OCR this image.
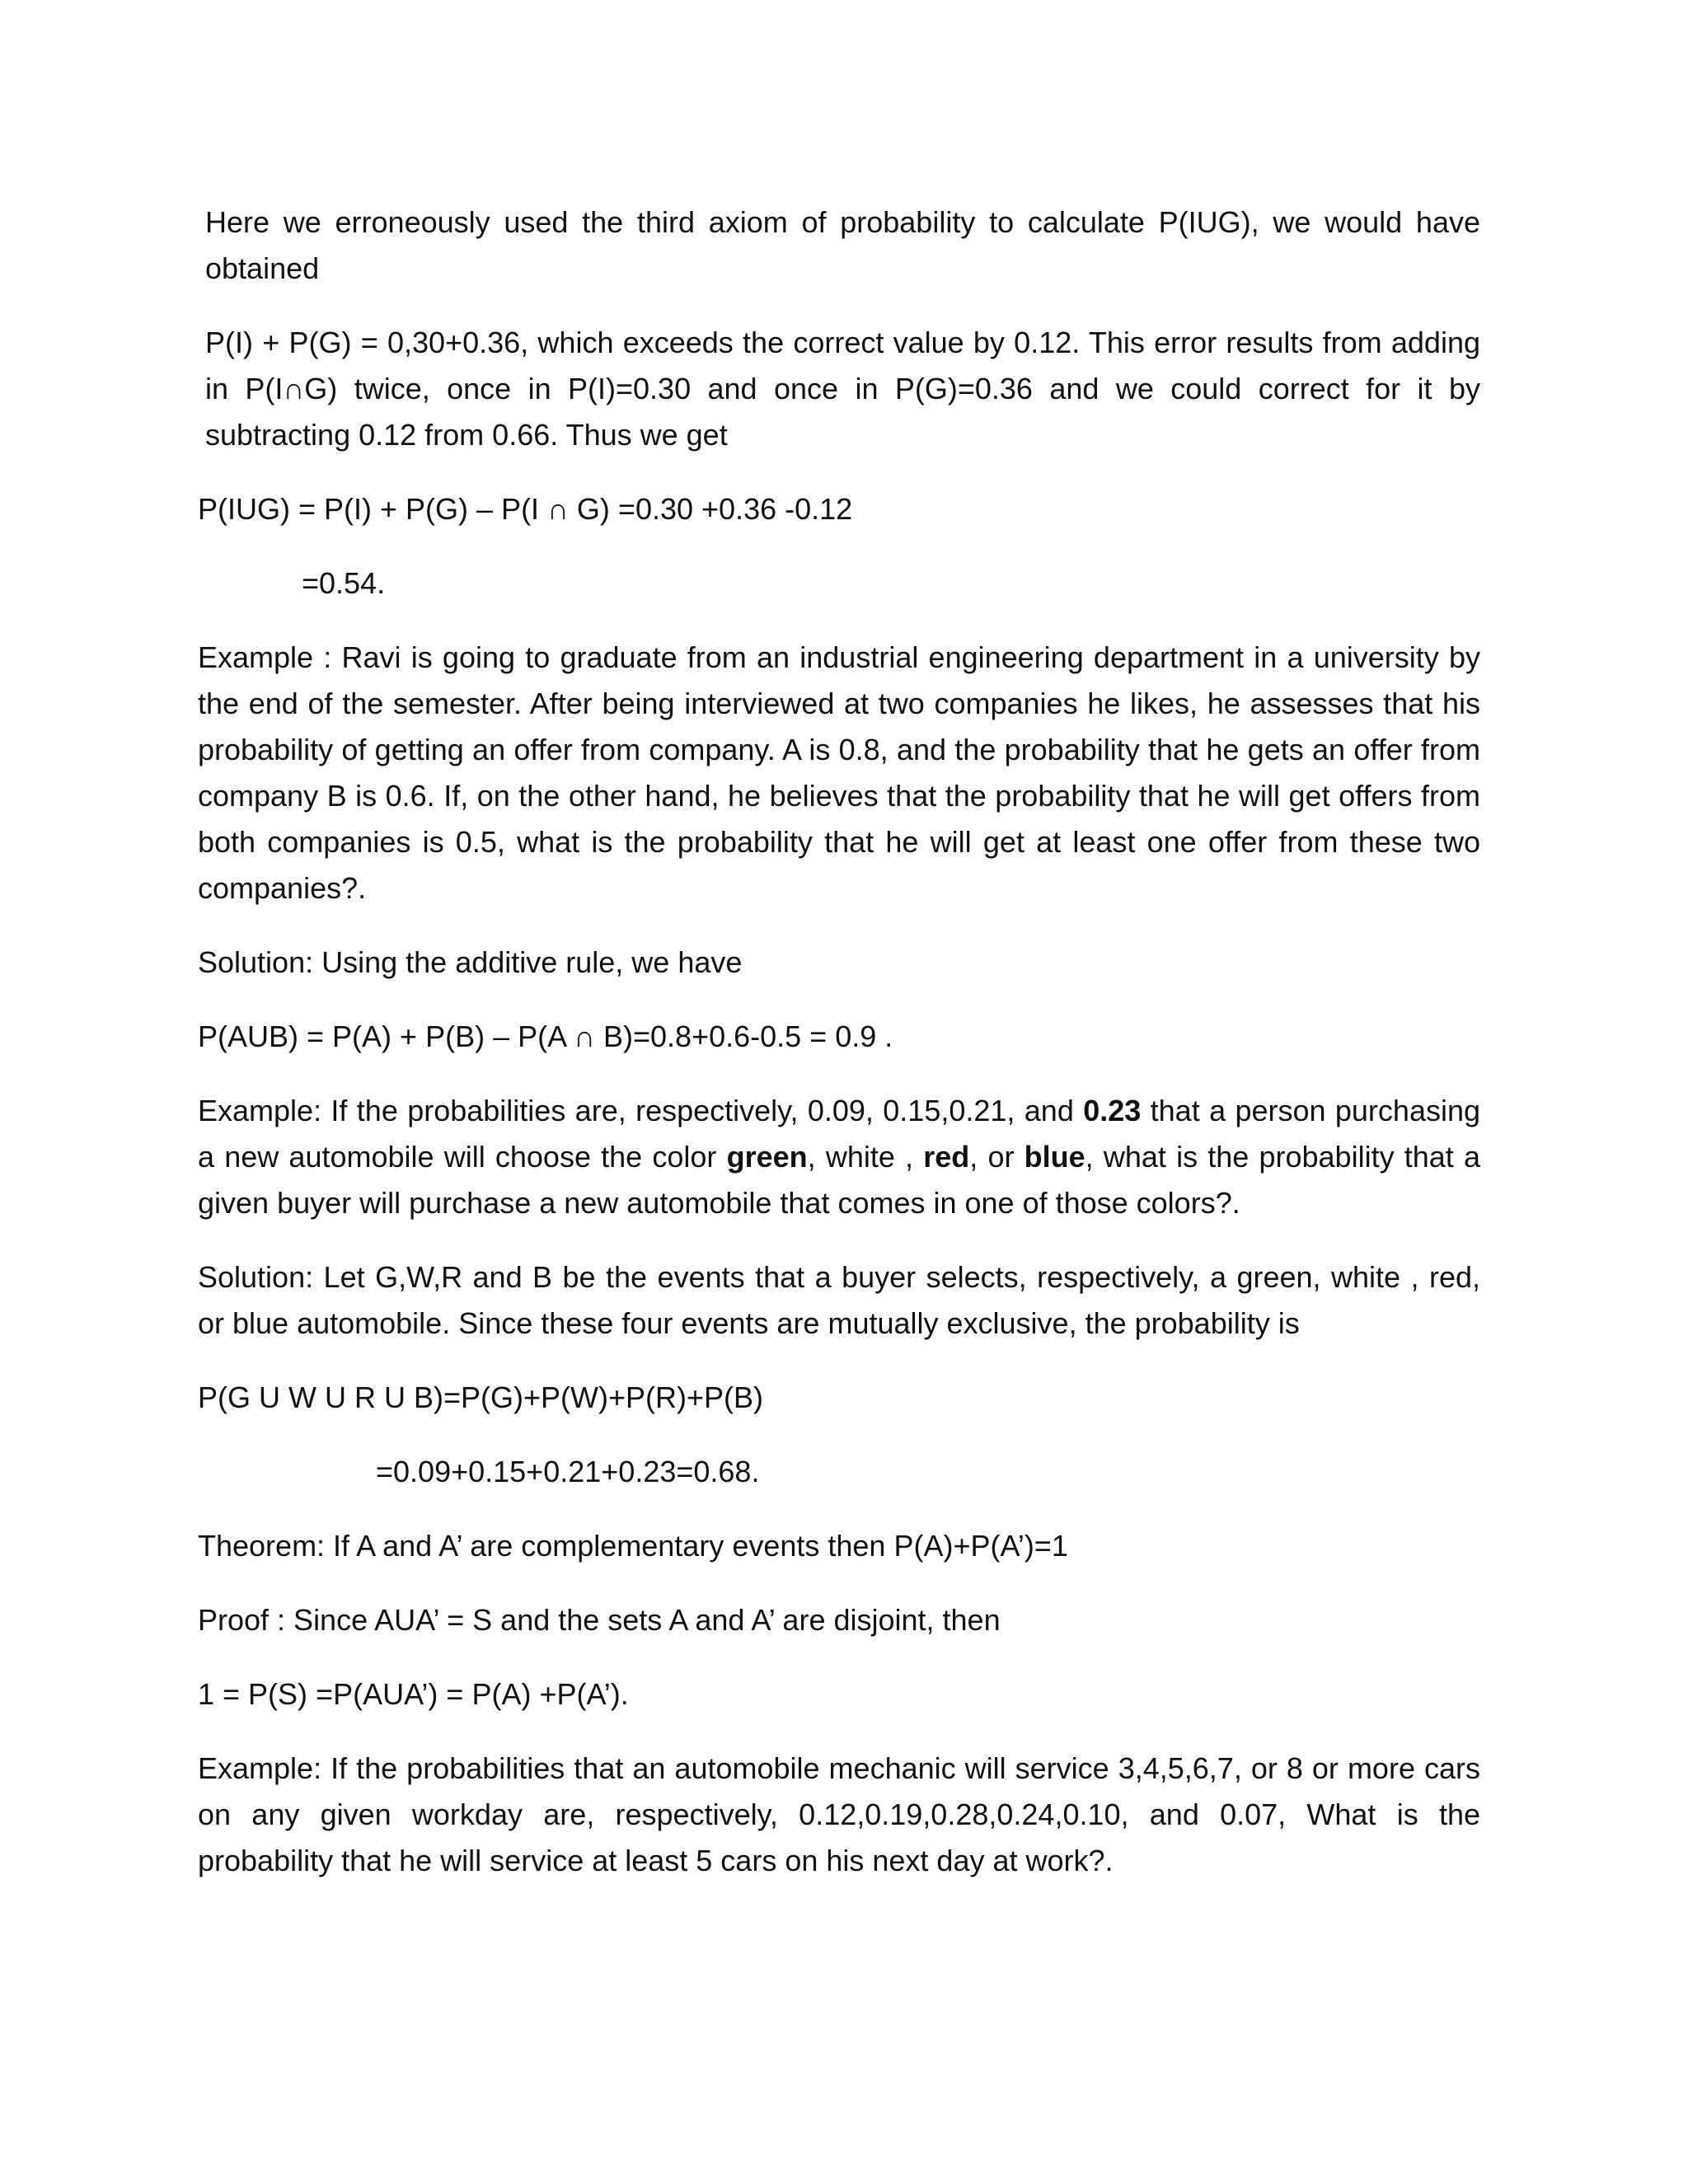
Here we erroneously used the third axiom of probability to calculate P(IUG), we would have obtained

P(I) + P(G) = 0,30+0.36, which exceeds the correct value by 0.12. This error results from adding in P(I∩G) twice, once in P(I)=0.30 and once in P(G)=0.36 and we could correct for it by subtracting 0.12 from 0.66. Thus we get

P(IUG) = P(I) + P(G) – P(I ∩ G) =0.30 +0.36 -0.12

=0.54.

Example : Ravi is going to graduate from an industrial engineering department in a university by the end of the semester. After being interviewed at two companies he likes, he assesses that his probability of getting an offer from company. A is 0.8, and the probability that he gets an offer from company B is 0.6. If, on the other hand, he believes that the probability that he will get offers from both companies is 0.5, what is the probability that he will get at least one offer from these two companies?.

Solution: Using the additive rule, we have

P(AUB) = P(A) + P(B) – P(A ∩ B)=0.8+0.6-0.5 = 0.9 .

Example: If the probabilities are, respectively, 0.09, 0.15,0.21, and 0.23 that a person purchasing a new automobile will choose the color green, white , red, or blue, what is the probability that a given buyer will purchase a new automobile that comes in one of those colors?.

Solution: Let G,W,R and B be the events that a buyer selects, respectively, a green, white , red, or blue automobile. Since these four events are mutually exclusive, the probability is

P(G U W U R U B)=P(G)+P(W)+P(R)+P(B)

=0.09+0.15+0.21+0.23=0.68.

Theorem: If A and A’ are complementary events then P(A)+P(A’)=1

Proof : Since AUA’ = S and the sets A and A’ are disjoint, then

1 = P(S) =P(AUA’) = P(A) +P(A’).

Example: If the probabilities that an automobile mechanic will service 3,4,5,6,7, or 8 or more cars on any given workday are, respectively, 0.12,0.19,0.28,0.24,0.10, and 0.07, What is the probability that he will service at least 5 cars on his next day at work?.
